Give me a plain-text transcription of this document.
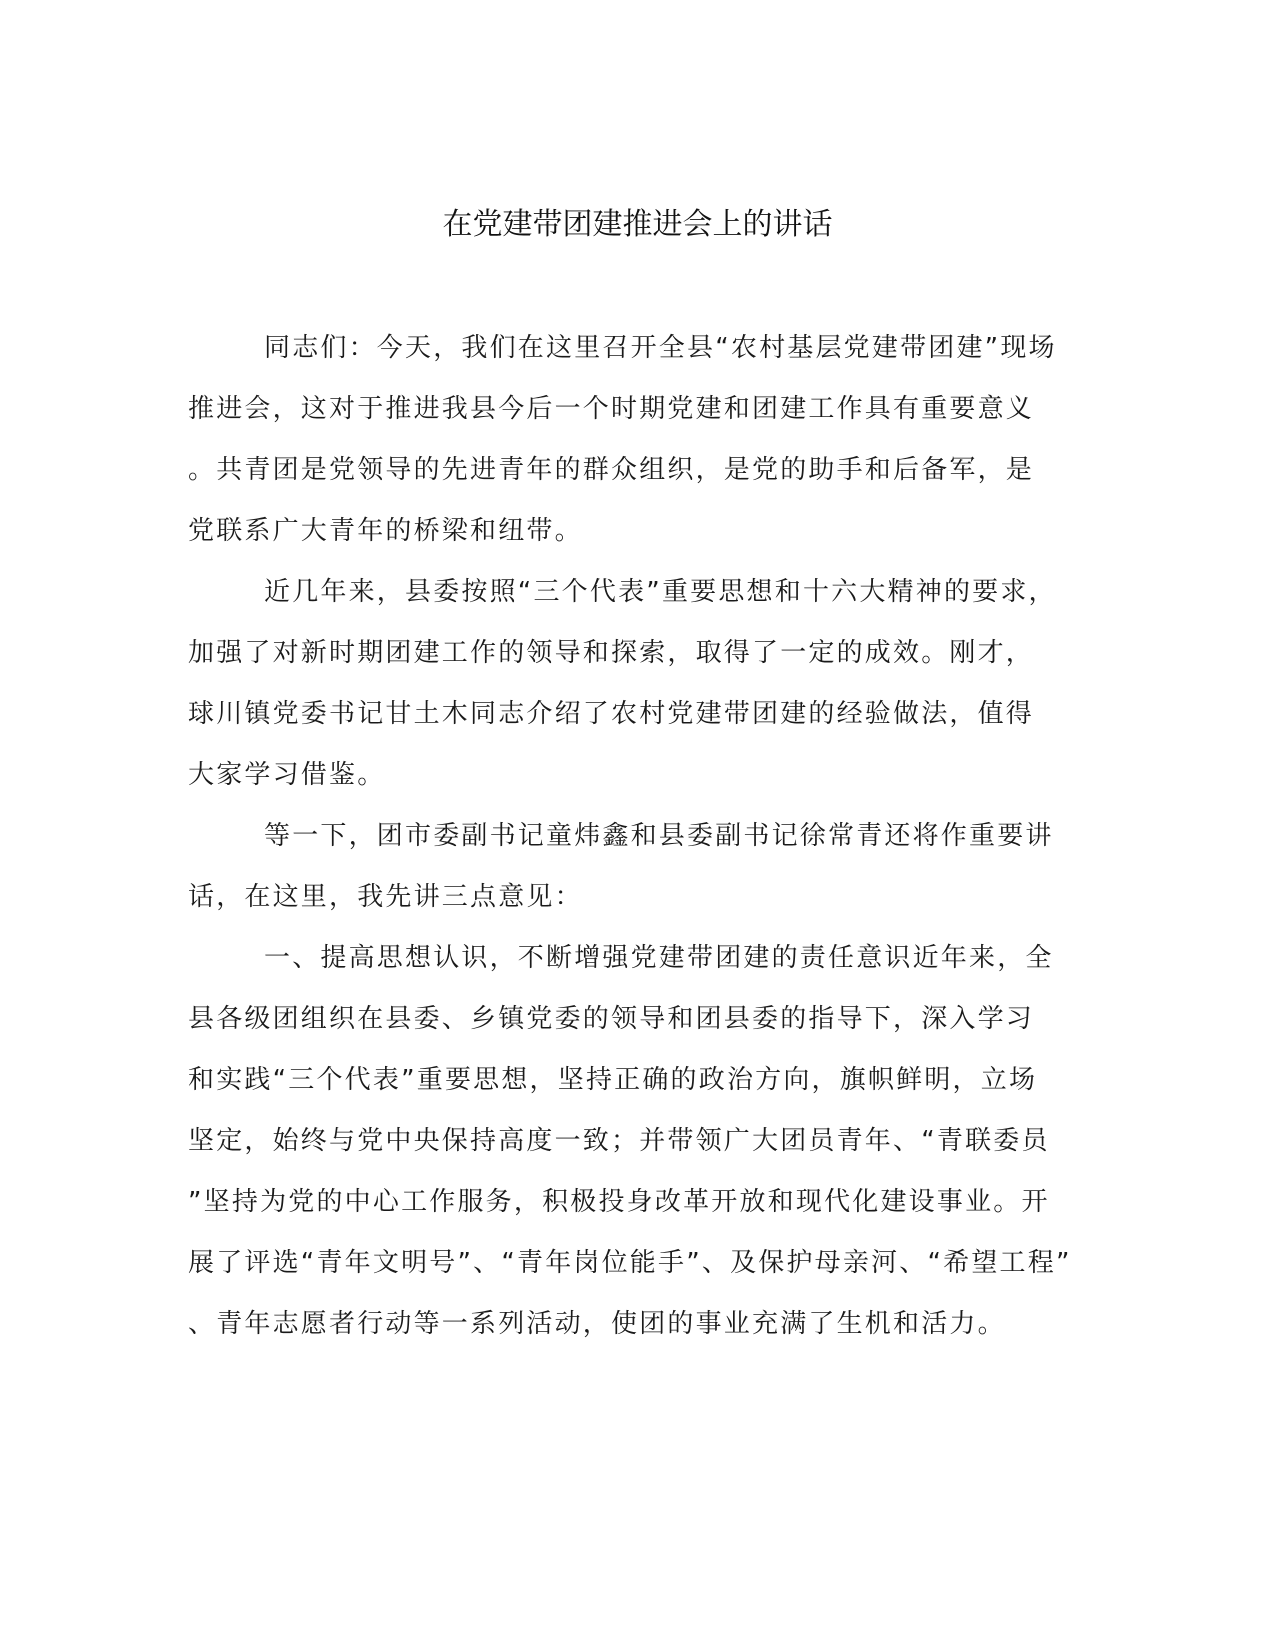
在党建带团建推进会上的讲话

同志们：今天，我们在这里召开全县“农村基层党建带团建”现场
推进会，这对于推进我县今后一个时期党建和团建工作具有重要意义
。共青团是党领导的先进青年的群众组织，是党的助手和后备军，是
党联系广大青年的桥梁和纽带。

近几年来，县委按照“三个代表”重要思想和十六大精神的要求，
加强了对新时期团建工作的领导和探索，取得了一定的成效。刚才，
球川镇党委书记甘土木同志介绍了农村党建带团建的经验做法，值得
大家学习借鉴。

等一下，团市委副书记童炜鑫和县委副书记徐常青还将作重要讲
话，在这里，我先讲三点意见：

一、提高思想认识，不断增强党建带团建的责任意识近年来，全
县各级团组织在县委、乡镇党委的领导和团县委的指导下，深入学习
和实践“三个代表”重要思想，坚持正确的政治方向，旗帜鲜明，立场
坚定，始终与党中央保持高度一致；并带领广大团员青年、“青联委员
”坚持为党的中心工作服务，积极投身改革开放和现代化建设事业。开
展了评选“青年文明号”、“青年岗位能手”、及保护母亲河、“希望工程”
、青年志愿者行动等一系列活动，使团的事业充满了生机和活力。
